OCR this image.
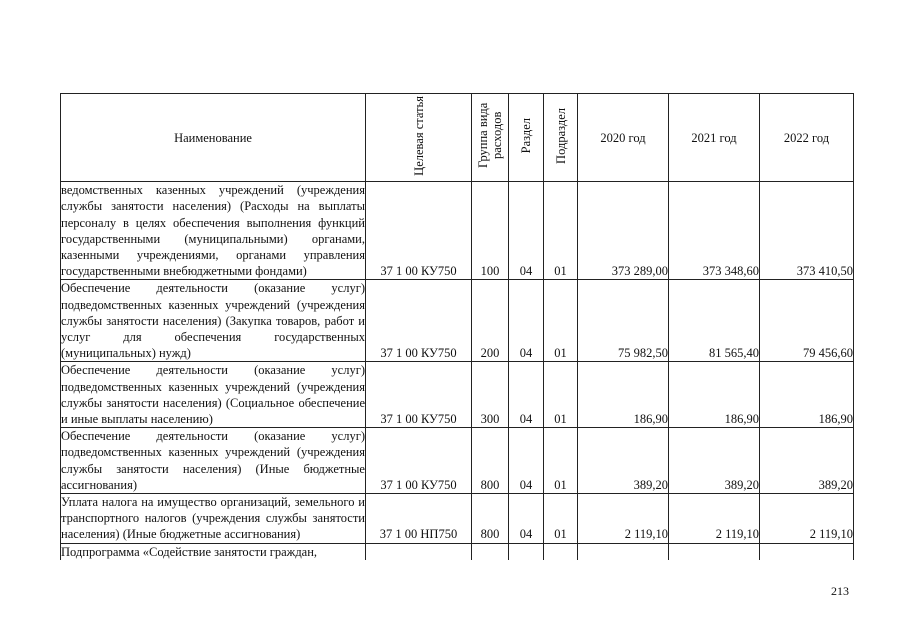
Наименование	Целевая статья	Группа вида расходов	Раздел	Подраздел	2020 год	2021 год	2022 год
ведомственных казенных учреждений (учреждения службы занятости населения) (Расходы на выплаты персоналу в целях обеспечения выполнения функций государственными (муниципальными) органами, казенными учреждениями, органами управления государственными внебюджетными фондами)	37 1 00 КУ750	100	04	01	373 289,00	373 348,60	373 410,50
Обеспечение деятельности (оказание услуг) подведомственных казенных учреждений (учреждения службы занятости населения) (Закупка товаров, работ и услуг для обеспечения государственных (муниципальных) нужд)	37 1 00 КУ750	200	04	01	75 982,50	81 565,40	79 456,60
Обеспечение деятельности (оказание услуг) подведомственных казенных учреждений (учреждения службы занятости населения) (Социальное обеспечение и иные выплаты населению)	37 1 00 КУ750	300	04	01	186,90	186,90	186,90
Обеспечение деятельности (оказание услуг) подведомственных казенных учреждений (учреждения службы занятости населения) (Иные бюджетные ассигнования)	37 1 00 КУ750	800	04	01	389,20	389,20	389,20
Уплата налога на имущество организаций, земельного и транспортного налогов (учреждения службы занятости населения) (Иные бюджетные ассигнования)	37 1 00 НП750	800	04	01	2 119,10	2 119,10	2 119,10
Подпрограмма «Содействие занятости граждан,							
213
